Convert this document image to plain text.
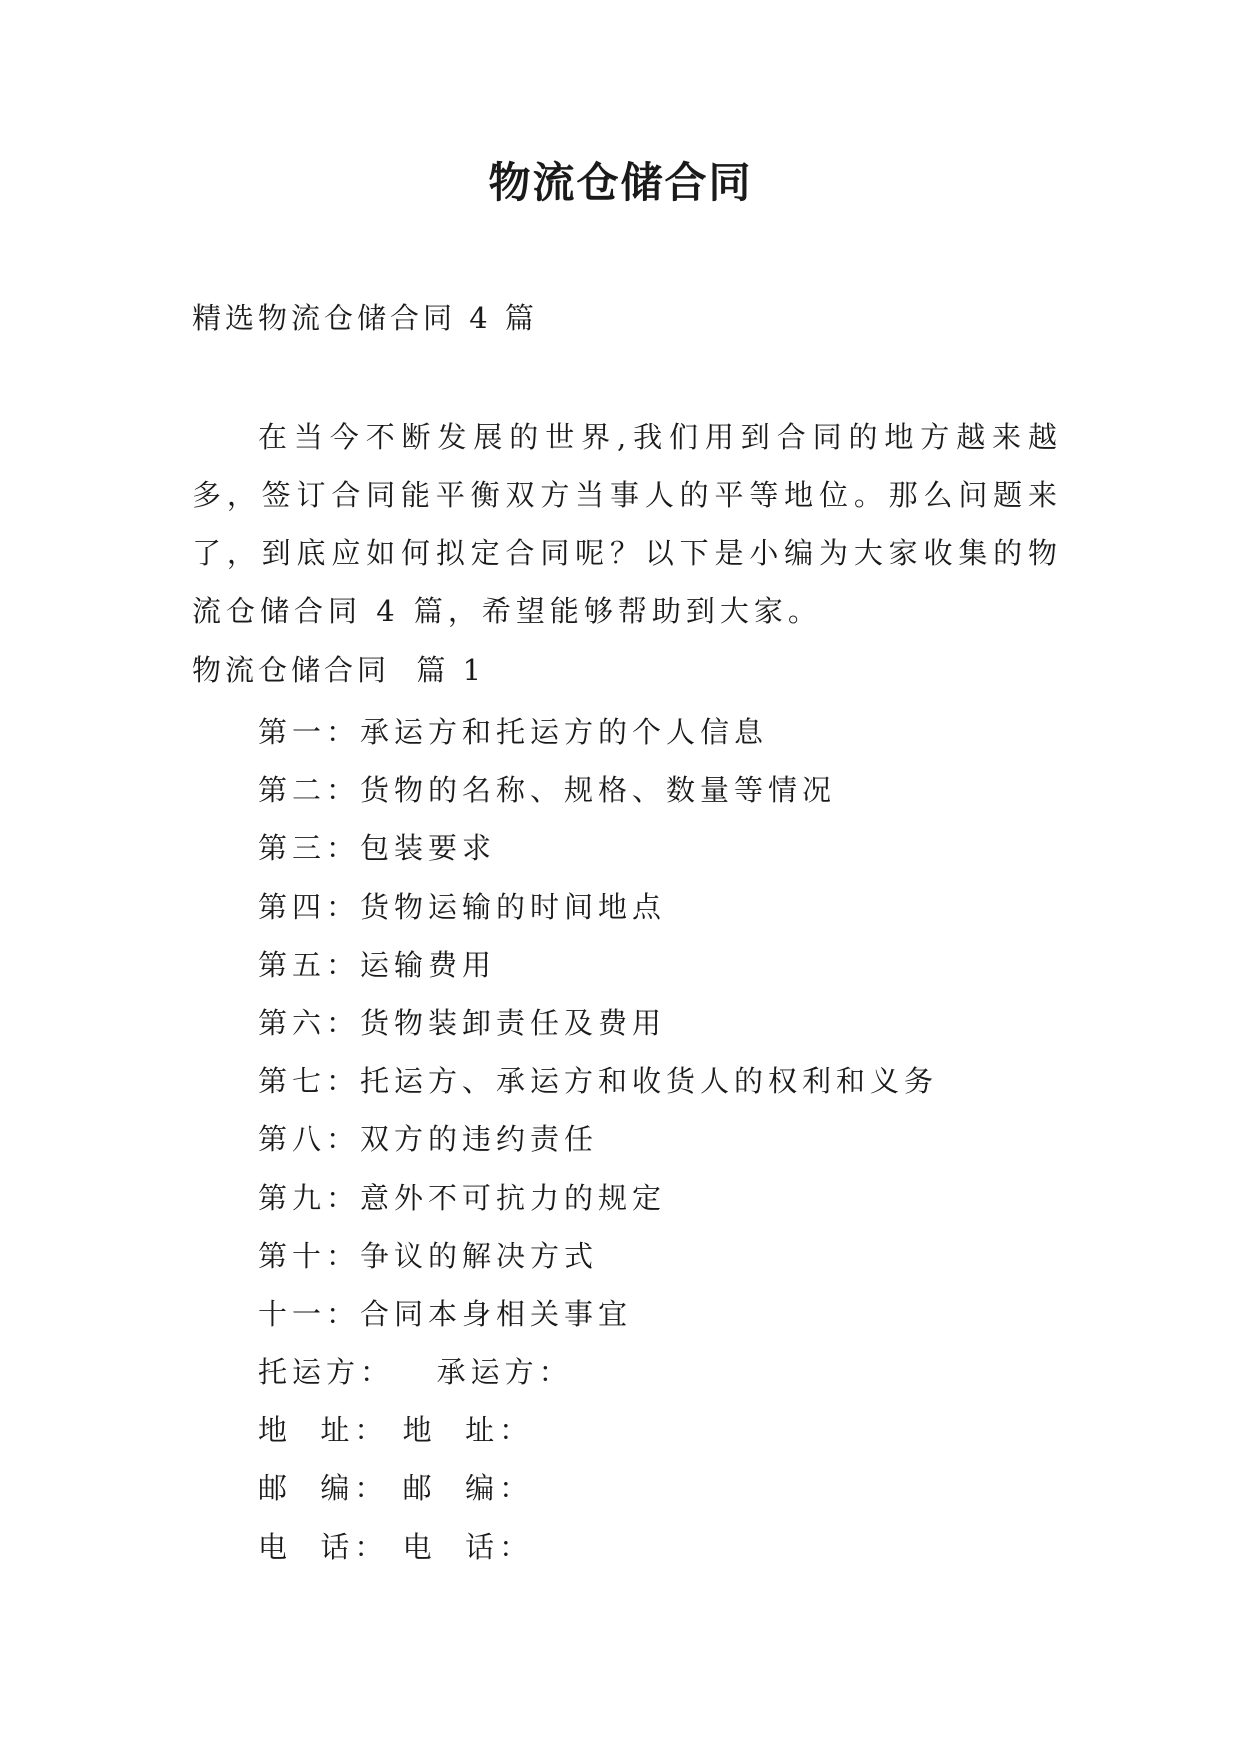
物流仓储合同
精选物流仓储合同 4 篇

在当今不断发展的世界,我们用到合同的地方越来越多，签订合同能平衡双方当事人的平等地位。那么问题来了，到底应如何拟定合同呢？以下是小编为大家收集的物流仓储合同 4 篇，希望能够帮助到大家。

物流仓储合同  篇 1
第一：承运方和托运方的个人信息
第二：货物的名称、规格、数量等情况
第三：包装要求
第四：货物运输的时间地点
第五：运输费用
第六：货物装卸责任及费用
第七：托运方、承运方和收货人的权利和义务
第八：双方的违约责任
第九：意外不可抗力的规定
第十：争议的解决方式
十一：合同本身相关事宜
托运方：   承运方：
地  址： 地  址：
邮  编： 邮  编：
电  话： 电  话：
